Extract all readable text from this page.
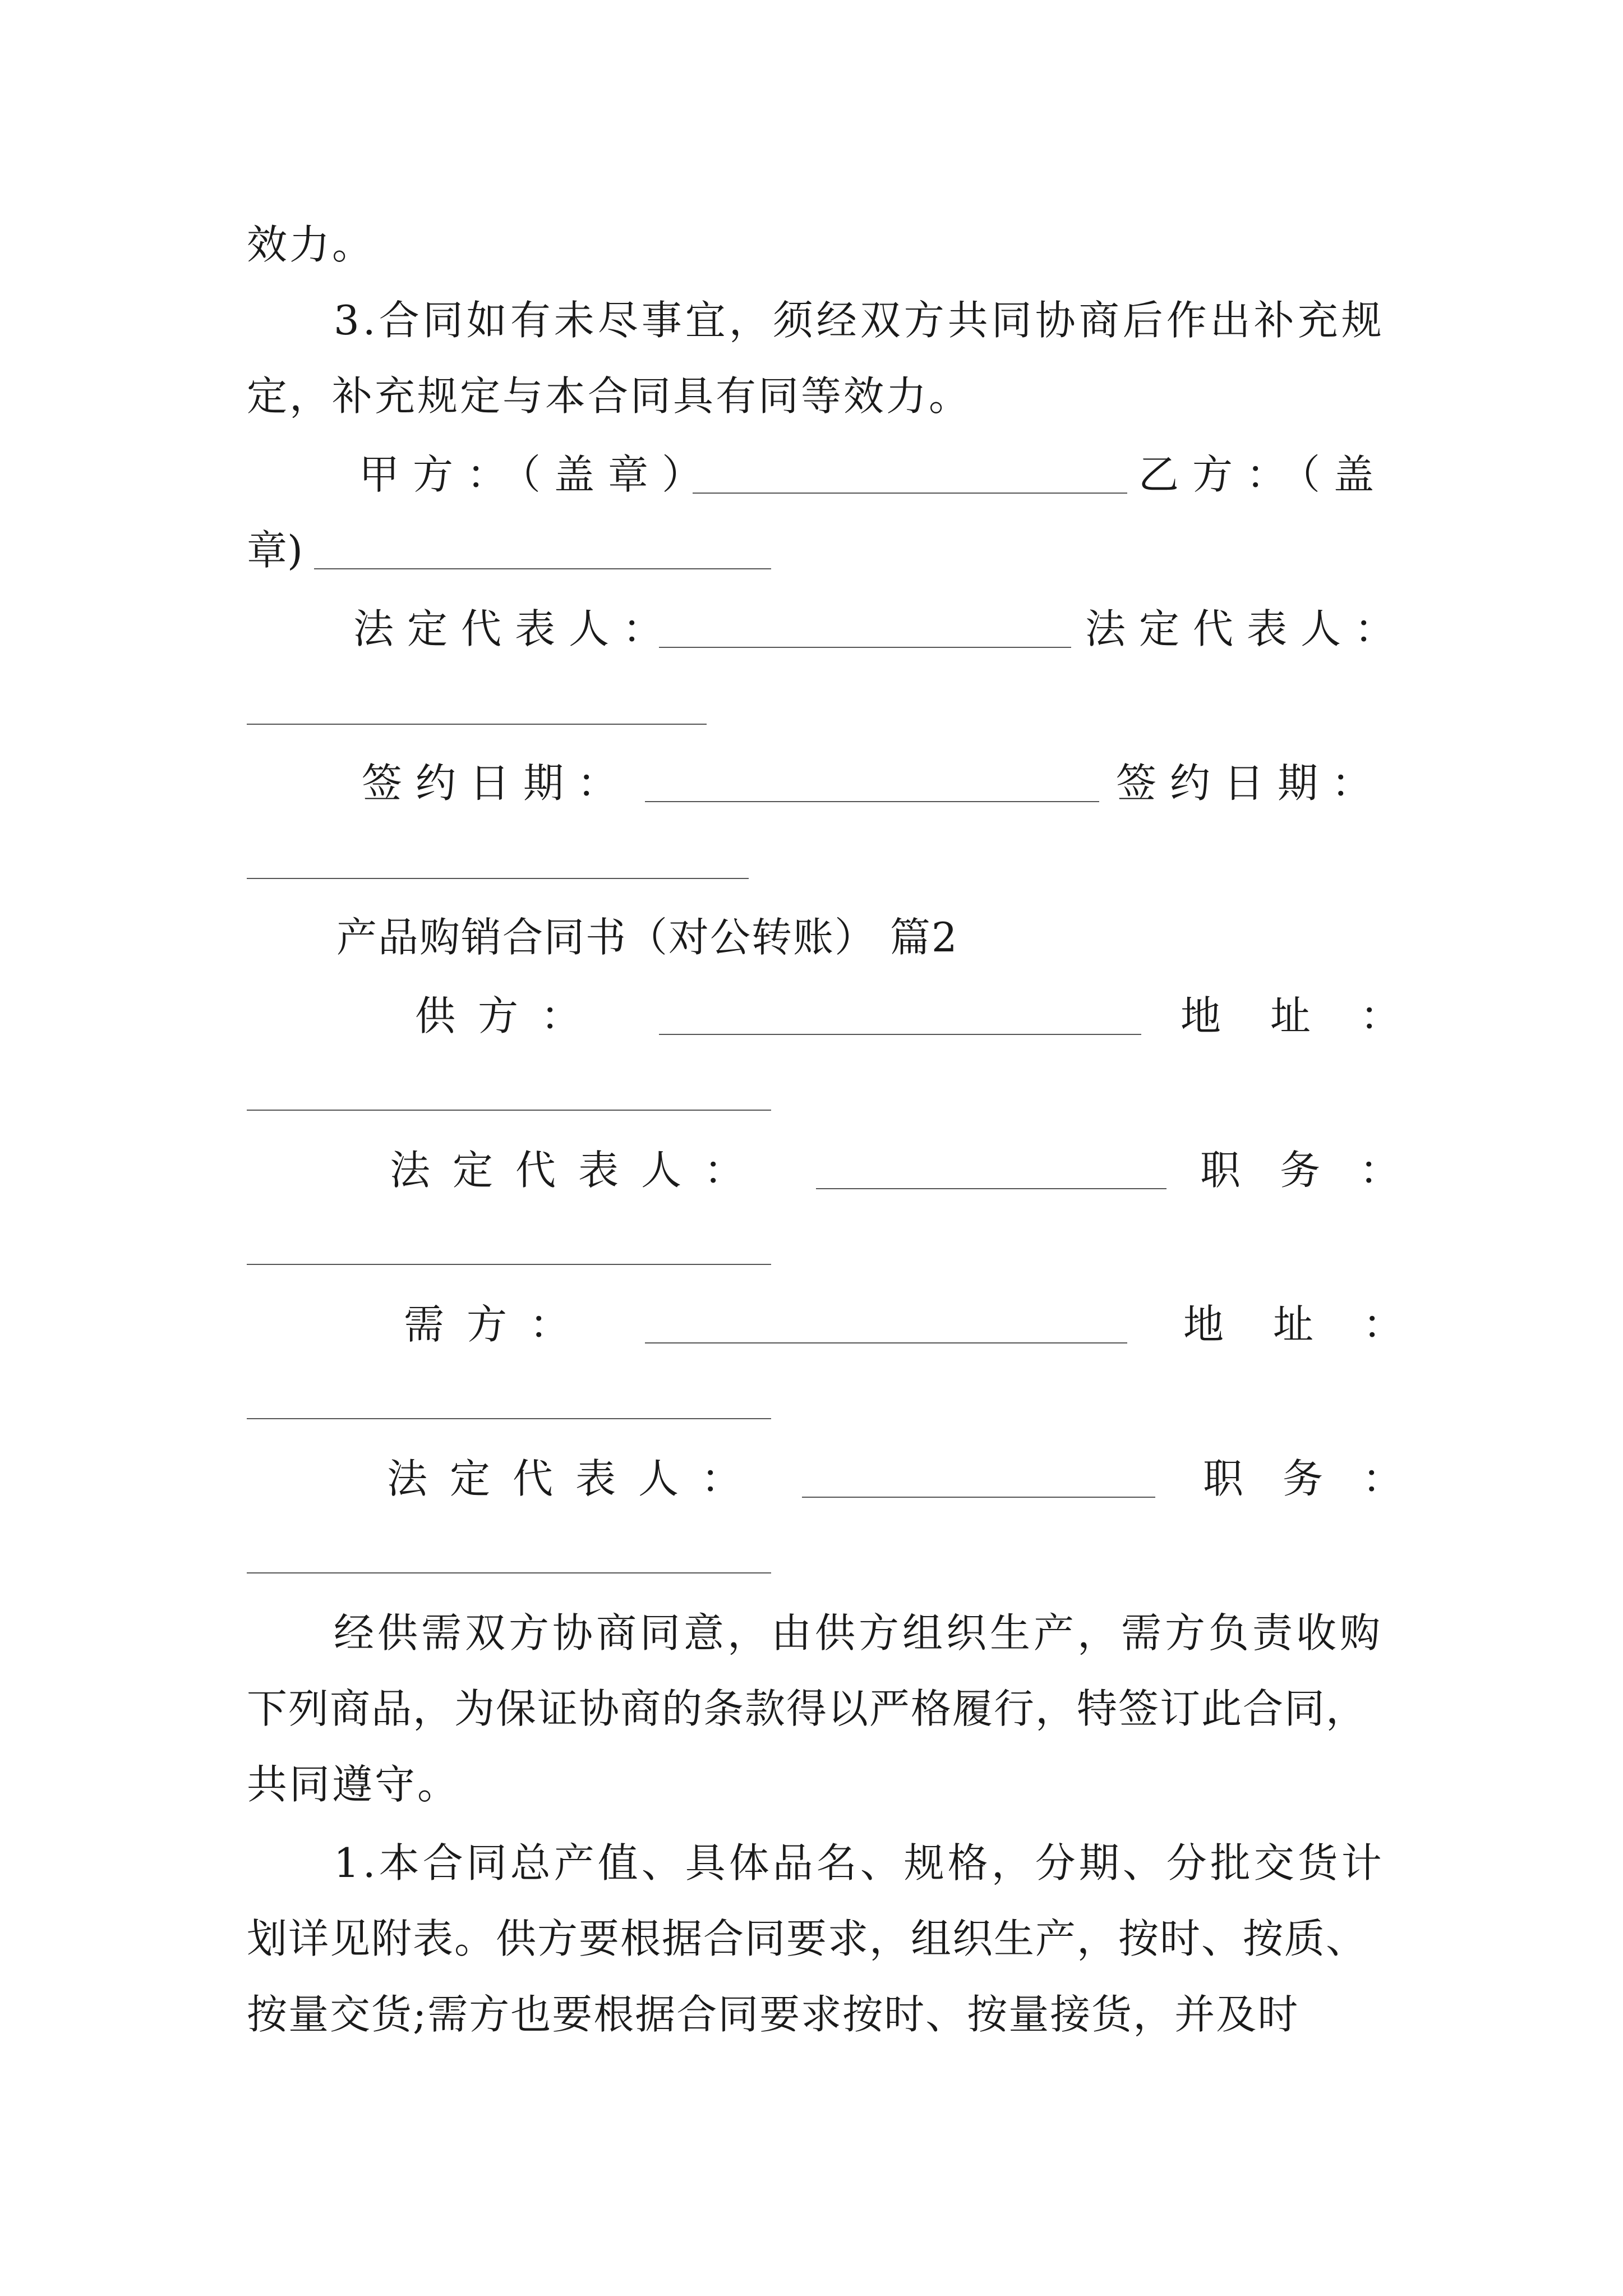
效力。
3.合同如有未尽事宜，须经双方共同协商后作出补充规
定，补充规定与本合同具有同等效力。
甲方：（盖章）	乙方：（盖
章)
法定代表人：	法定代表人：
签约日期：	签约日期：
产品购销合同书（对公转账） 篇2
供方：	地址：
法定代表人：	职务：
需方：	地址：
法定代表人：	职务：
经供需双方协商同意，由供方组织生产，需方负责收购
下列商品，为保证协商的条款得以严格履行，特签订此合同，
共同遵守。
1.本合同总产值、具体品名、规格，分期、分批交货计
划详见附表。供方要根据合同要求，组织生产，按时、按质、
按量交货;需方也要根据合同要求按时、按量接货，并及时
